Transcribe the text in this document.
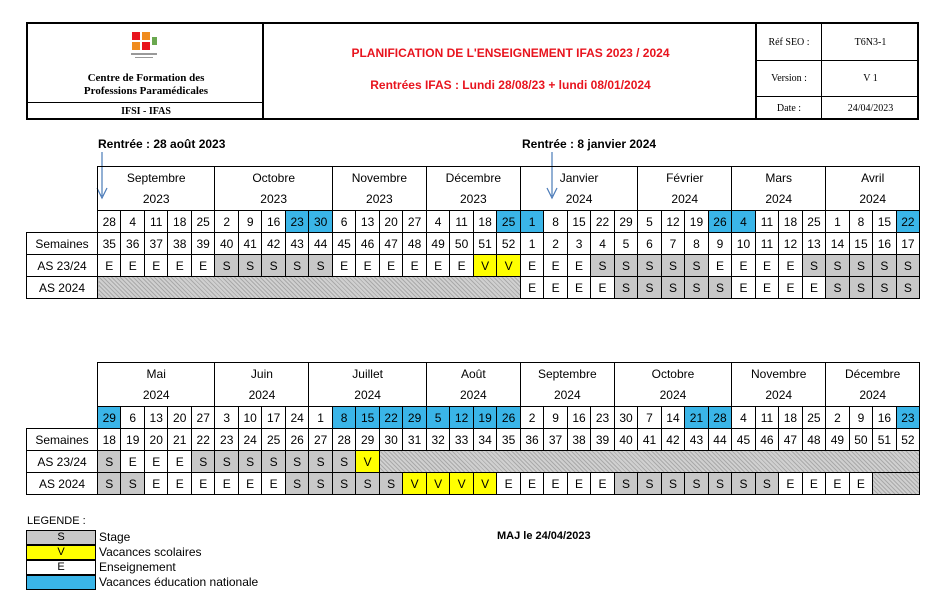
Centre de Formation des Professions Paramédicales
IFSI - IFAS
PLANIFICATION DE L'ENSEIGNEMENT IFAS 2023 / 2024
Rentrées IFAS : Lundi 28/08/23 + lundi 08/01/2024
Réf SEO :	T6N3-1
Version :	V 1
Date :	24/04/2023
Rentrée : 28 août 2023	Rentrée : 8 janvier 2024
	Septembre					Octobre					Novembre				Décembre				Janvier					Février				Mars				Avril			
	2023					2023					2023				2023				2024					2024				2024				2024			
	28	4	11	18	25	2	9	16	23	30	6	13	20	27	4	11	18	25	1	8	15	22	29	5	12	19	26	4	11	18	25	1	8	15	22
Semaines	35	36	37	38	39	40	41	42	43	44	45	46	47	48	49	50	51	52	1	2	3	4	5	6	7	8	9	10	11	12	13	14	15	16	17
AS 23/24	E	E	E	E	E	S	S	S	S	S	E	E	E	E	E	E	V	V	E	E	E	S	S	S	S	S	E	E	E	E	S	S	S	S	S
AS 2024																			E	E	E	E	S	S	S	S	S	E	E	E	E	S	S	S	S
	Mai					Juin				Juillet					Août				Septembre				Octobre					Novembre				Décembre			
	2024					2024				2024					2024				2024				2024					2024				2024			
	29	6	13	20	27	3	10	17	24	1	8	15	22	29	5	12	19	26	2	9	16	23	30	7	14	21	28	4	11	18	25	2	9	16	23
Semaines	18	19	20	21	22	23	24	25	26	27	28	29	30	31	32	33	34	35	36	37	38	39	40	41	42	43	44	45	46	47	48	49	50	51	52
AS 23/24	S	E	E	E	S	S	S	S	S	S	S	V																							
AS 2024	S	S	E	E	E	E	E	E	S	S	S	S	S	V	V	V	V	E	E	E	E	E	S	S	S	S	S	S	S	E	E	E	E		
LEGENDE :
S	Stage
V	Vacances scolaires
E	Enseignement
Vacances éducation nationale
MAJ le 24/04/2023
